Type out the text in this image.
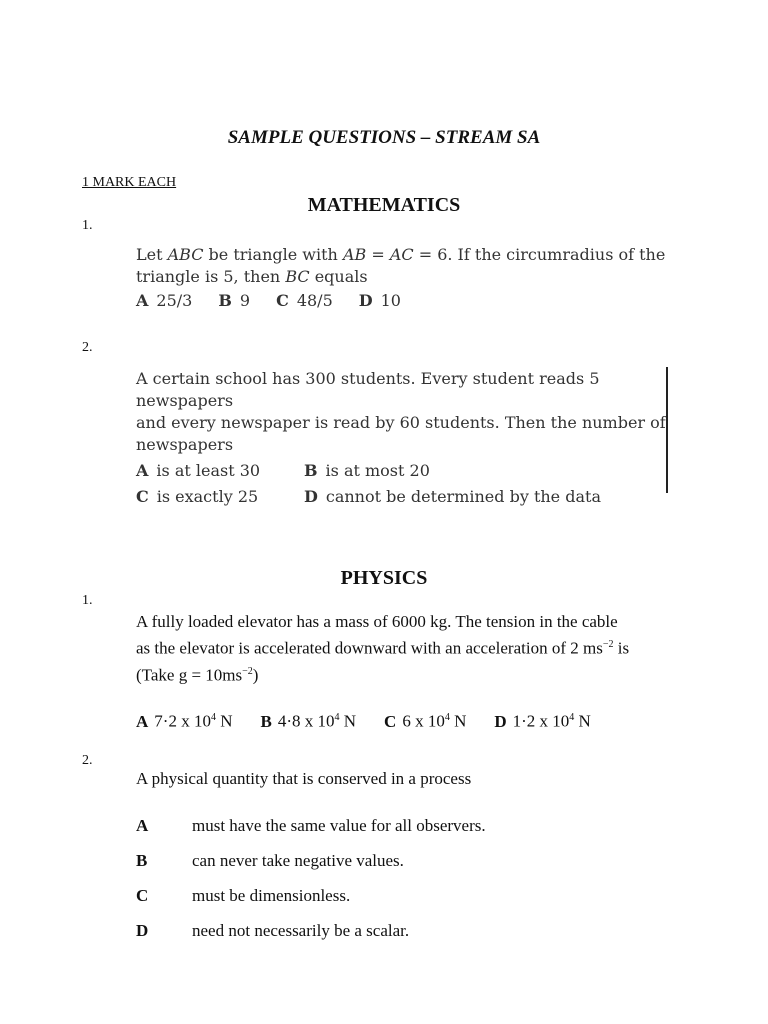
SAMPLE QUESTIONS – STREAM SA
1 MARK EACH
MATHEMATICS
1.
Let ABC be triangle with AB = AC = 6. If the circumradius of the
triangle is 5, then BC equals
A 25/3 B 9 C 48/5 D 10
2.
A certain school has 300 students. Every student reads 5 newspapers
and every newspaper is read by 60 students. Then the number of
newspapers
A is at least 30	B is at most 20
C is exactly 25	D cannot be determined by the data
PHYSICS
1.
A fully loaded elevator has a mass of 6000 kg. The tension in the cable
as the elevator is accelerated downward with an acceleration of 2 $ms^{-2}$ is
(Take $g = 10ms^{-2}$)
A 7·2 x $10^4$ N B 4·8 x $10^4$ N C 6 x $10^4$ N D 1·2 x $10^4$ N
2.
A physical quantity that is conserved in a process
A	must have the same value for all observers.
B	can never take negative values.
C	must be dimensionless.
D	need not necessarily be a scalar.
